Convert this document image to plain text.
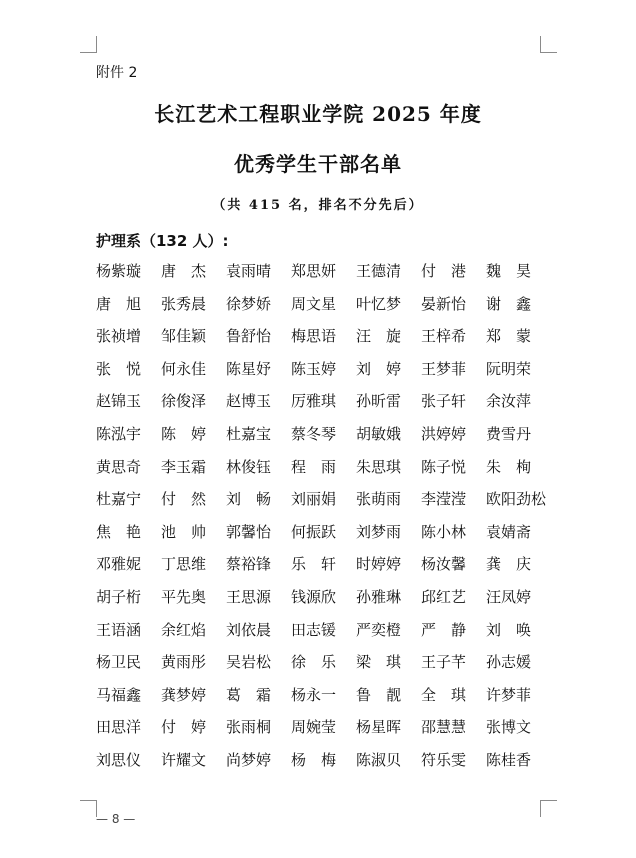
附件 2
长江艺术工程职业学院 2025 年度
优秀学生干部名单
（共 415 名，排名不分先后）
护理系（132 人）:
杨紫璇	唐　杰	袁雨晴	郑思妍	王德清	付　港	魏　昊
唐　旭	张秀晨	徐梦娇	周文星	叶忆梦	晏新怡	谢　鑫
张祯增	邹佳颖	鲁舒怡	梅思语	汪　旋	王梓希	郑　蒙
张　悦	何永佳	陈星妤	陈玉婷	刘　婷	王梦菲	阮明荣
赵锦玉	徐俊泽	赵博玉	厉雅琪	孙昕雷	张子轩	余汝萍
陈泓宇	陈　婷	杜嘉宝	蔡冬琴	胡敏娥	洪婷婷	费雪丹
黄思奇	李玉霜	林俊钰	程　雨	朱思琪	陈子悦	朱　栒
杜嘉宁	付　然	刘　畅	刘丽娟	张萌雨	李滢滢	欧阳劲松
焦　艳	池　帅	郭馨怡	何振跃	刘梦雨	陈小林	袁婧斋
邓雅妮	丁思维	蔡裕锋	乐　轩	时婷婷	杨汝馨	龚　庆
胡子桁	平先奥	王思源	钱源欣	孙雅琳	邱红艺	汪凤婷
王语涵	余红焰	刘依晨	田志锾	严奕橙	严　静	刘　唤
杨卫民	黄雨彤	吴岩松	徐　乐	梁　琪	王子芊	孙志媛
马福鑫	龚梦婷	葛　霜	杨永一	鲁　靓	全　琪	许梦菲
田思洋	付　婷	张雨桐	周婉莹	杨星晖	邵慧慧	张博文
刘思仪	许耀文	尚梦婷	杨　梅	陈淑贝	符乐雯	陈桂香
— 8 —
